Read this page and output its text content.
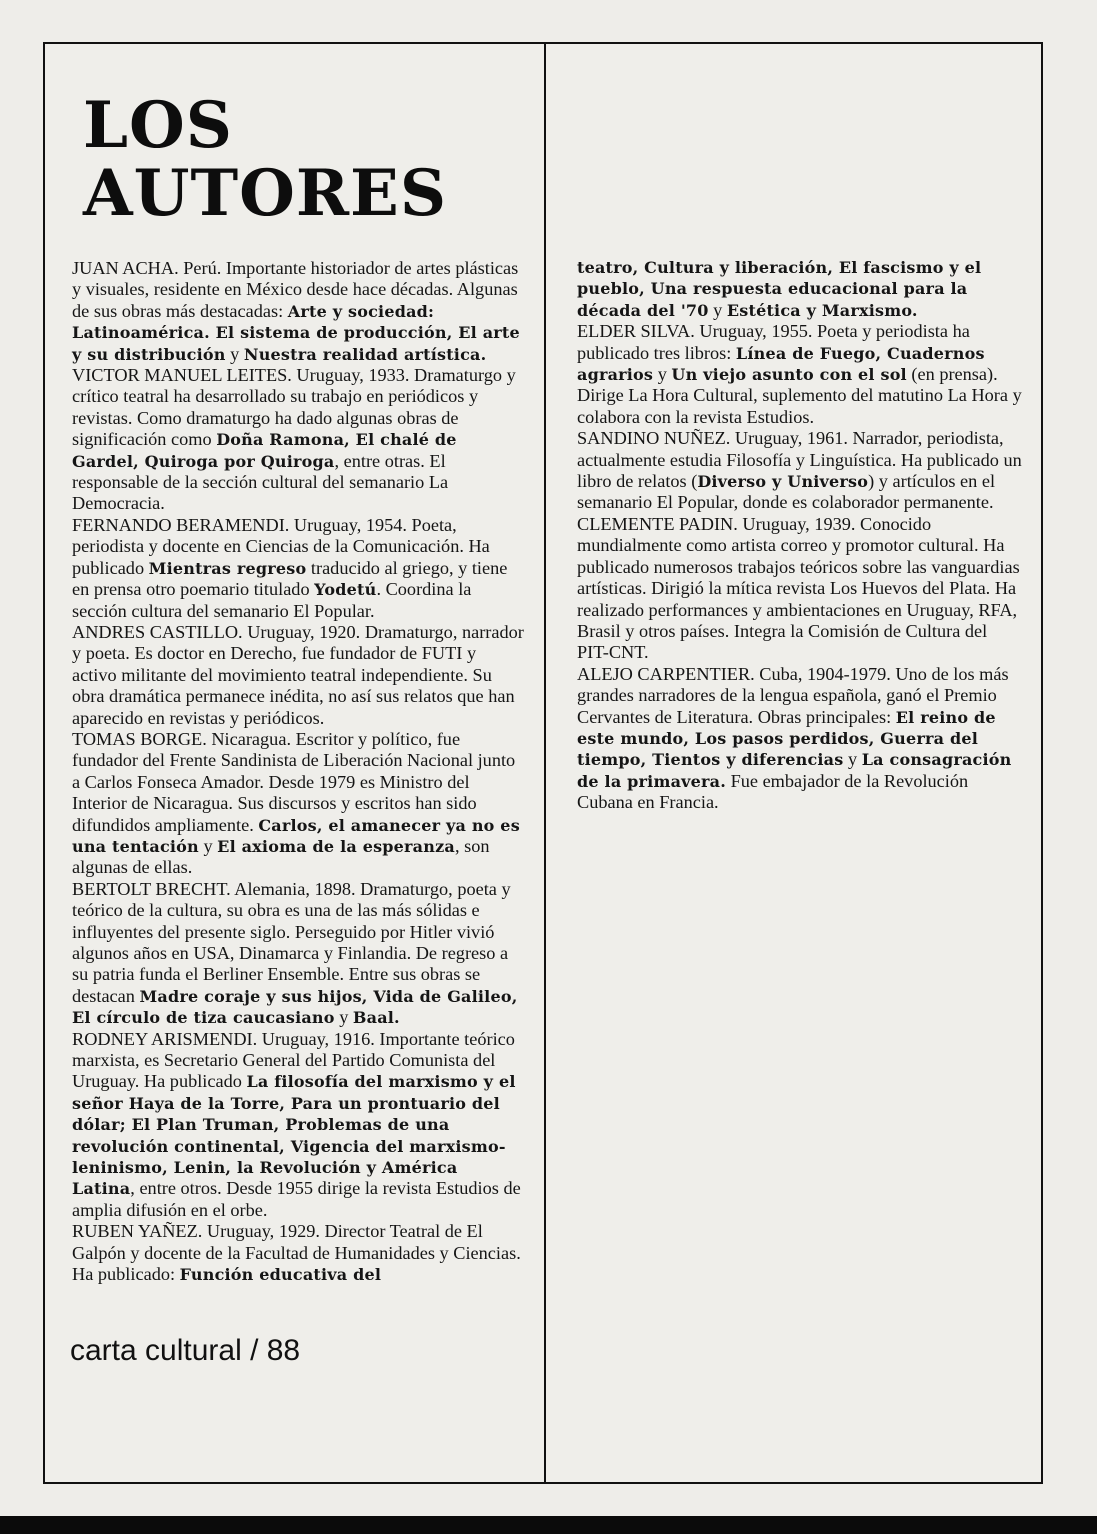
LOS
AUTORES

JUAN ACHA. Perú. Importante historiador de artes plásticas y visuales, residente en México desde hace décadas. Algunas de sus obras más destacadas: Arte y sociedad: Latinoamérica. El sistema de producción, El arte y su distribución y Nuestra realidad artística.

VICTOR MANUEL LEITES. Uruguay, 1933. Dramaturgo y crítico teatral ha desarrollado su trabajo en periódicos y revistas. Como dramaturgo ha dado algunas obras de significación como Doña Ramona, El chalé de Gardel, Quiroga por Quiroga, entre otras. El responsable de la sección cultural del semanario La Democracia.

FERNANDO BERAMENDI. Uruguay, 1954. Poeta, periodista y docente en Ciencias de la Comunicación. Ha publicado Mientras regreso traducido al griego, y tiene en prensa otro poemario titulado Yodetú. Coordina la sección cultura del semanario El Popular.

ANDRES CASTILLO. Uruguay, 1920. Dramaturgo, narrador y poeta. Es doctor en Derecho, fue fundador de FUTI y activo militante del movimiento teatral independiente. Su obra dramática permanece inédita, no así sus relatos que han aparecido en revistas y periódicos.

TOMAS BORGE. Nicaragua. Escritor y político, fue fundador del Frente Sandinista de Liberación Nacional junto a Carlos Fonseca Amador. Desde 1979 es Ministro del Interior de Nicaragua. Sus discursos y escritos han sido difundidos ampliamente. Carlos, el amanecer ya no es una tentación y El axioma de la esperanza, son algunas de ellas.

BERTOLT BRECHT. Alemania, 1898. Dramaturgo, poeta y teórico de la cultura, su obra es una de las más sólidas e influyentes del presente siglo. Perseguido por Hitler vivió algunos años en USA, Dinamarca y Finlandia. De regreso a su patria funda el Berliner Ensemble. Entre sus obras se destacan Madre coraje y sus hijos, Vida de Galileo, El círculo de tiza caucasiano y Baal.

RODNEY ARISMENDI. Uruguay, 1916. Importante teórico marxista, es Secretario General del Partido Comunista del Uruguay. Ha publicado La filosofía del marxismo y el señor Haya de la Torre, Para un prontuario del dólar; El Plan Truman, Problemas de una revolución continental, Vigencia del marxismo-leninismo, Lenin, la Revolución y América Latina, entre otros. Desde 1955 dirige la revista Estudios de amplia difusión en el orbe.

RUBEN YAÑEZ. Uruguay, 1929. Director Teatral de El Galpón y docente de la Facultad de Humanidades y Ciencias. Ha publicado: Función educativa del

teatro, Cultura y liberación, El fascismo y el pueblo, Una respuesta educacional para la década del '70 y Estética y Marxismo.

ELDER SILVA. Uruguay, 1955. Poeta y periodista ha publicado tres libros: Línea de Fuego, Cuadernos agrarios y Un viejo asunto con el sol (en prensa). Dirige La Hora Cultural, suplemento del matutino La Hora y colabora con la revista Estudios.

SANDINO NUÑEZ. Uruguay, 1961. Narrador, periodista, actualmente estudia Filosofía y Linguística. Ha publicado un libro de relatos (Diverso y Universo) y artículos en el semanario El Popular, donde es colaborador permanente.

CLEMENTE PADIN. Uruguay, 1939. Conocido mundialmente como artista correo y promotor cultural. Ha publicado numerosos trabajos teóricos sobre las vanguardias artísticas. Dirigió la mítica revista Los Huevos del Plata. Ha realizado performances y ambientaciones en Uruguay, RFA, Brasil y otros países. Integra la Comisión de Cultura del PIT-CNT.

ALEJO CARPENTIER. Cuba, 1904-1979. Uno de los más grandes narradores de la lengua española, ganó el Premio Cervantes de Literatura. Obras principales: El reino de este mundo, Los pasos perdidos, Guerra del tiempo, Tientos y diferencias y La consagración de la primavera. Fue embajador de la Revolución Cubana en Francia.

carta cultural / 88
